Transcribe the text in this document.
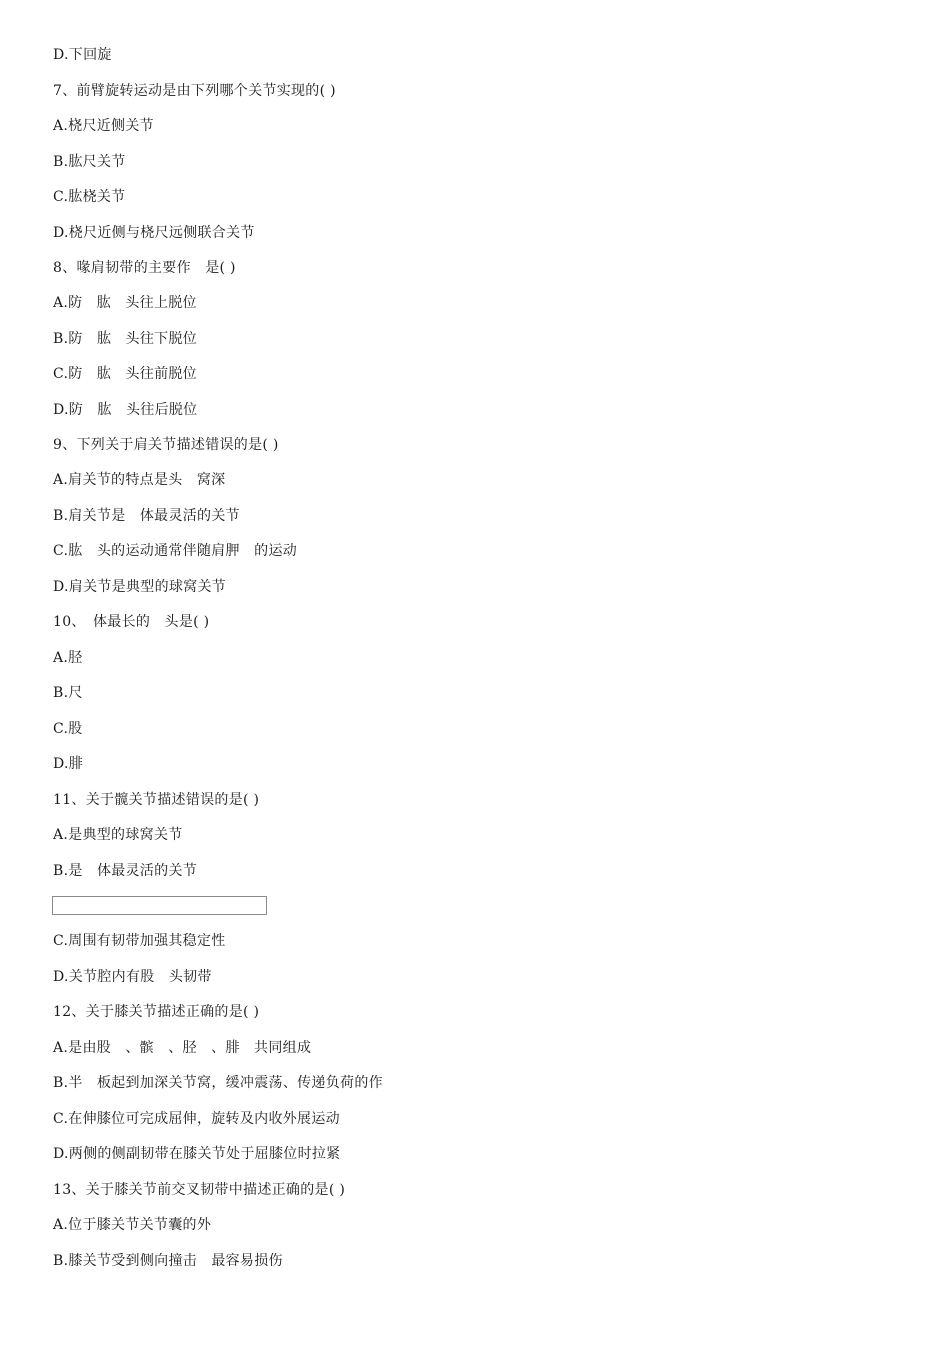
D.下回旋
7、前臂旋转运动是由下列哪个关节实现的( )
A.桡尺近侧关节
B.肱尺关节
C.肱桡关节
D.桡尺近侧与桡尺远侧联合关节
8、喙肩韧带的主要作　是( )
A.防　肱　头往上脱位
B.防　肱　头往下脱位
C.防　肱　头往前脱位
D.防　肱　头往后脱位
9、下列关于肩关节描述错误的是( )
A.肩关节的特点是头　窝深
B.肩关节是　体最灵活的关节
C.肱　头的运动通常伴随肩胛　的运动
D.肩关节是典型的球窝关节
10、　体最长的　头是( )
A.胫
B.尺
C.股
D.腓
11、关于髋关节描述错误的是( )
A.是典型的球窝关节
B.是　体最灵活的关节
C.周围有韧带加强其稳定性
D.关节腔内有股　头韧带
12、关于膝关节描述正确的是( )
A.是由股　、髌　、胫　、腓　共同组成
B.半　板起到加深关节窝，缓冲震荡、传递负荷的作
C.在伸膝位可完成屈伸，旋转及内收外展运动
D.两侧的侧副韧带在膝关节处于屈膝位时拉紧
13、关于膝关节前交叉韧带中描述正确的是( )
A.位于膝关节关节囊的外
B.膝关节受到侧向撞击　最容易损伤
